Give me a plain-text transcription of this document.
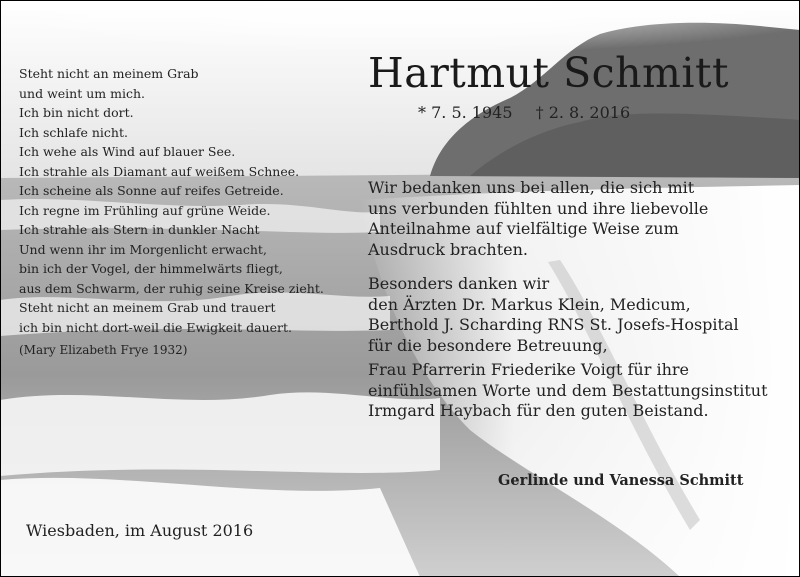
Steht nicht an meinem Grab
und weint um mich.
Ich bin nicht dort.
Ich schlafe nicht.
Ich wehe als Wind auf blauer See.
Ich strahle als Diamant auf weißem Schnee.
Ich scheine als Sonne auf reifes Getreide.
Ich regne im Frühling auf grüne Weide.
Ich strahle als Stern in dunkler Nacht
Und wenn ihr im Morgenlicht erwacht,
bin ich der Vogel, der himmelwärts fliegt,
aus dem Schwarm, der ruhig seine Kreise zieht.
Steht nicht an meinem Grab und trauert
ich bin nicht dort-weil die Ewigkeit dauert.
(Mary Elizabeth Frye 1932)
Hartmut Schmitt
* 7. 5. 1945 † 2. 8. 2016

Wir bedanken uns bei allen, die sich mit
uns verbunden fühlten und ihre liebevolle
Anteilnahme auf vielfältige Weise zum
Ausdruck brachten.

Besonders danken wir
den Ärzten Dr. Markus Klein, Medicum,
Berthold J. Scharding RNS St. Josefs-Hospital
für die besondere Betreuung,

Frau Pfarrerin Friederike Voigt für ihre
einfühlsamen Worte und dem Bestattungsinstitut
Irmgard Haybach für den guten Beistand.

Gerlinde und Vanessa Schmitt
Wiesbaden, im August 2016
